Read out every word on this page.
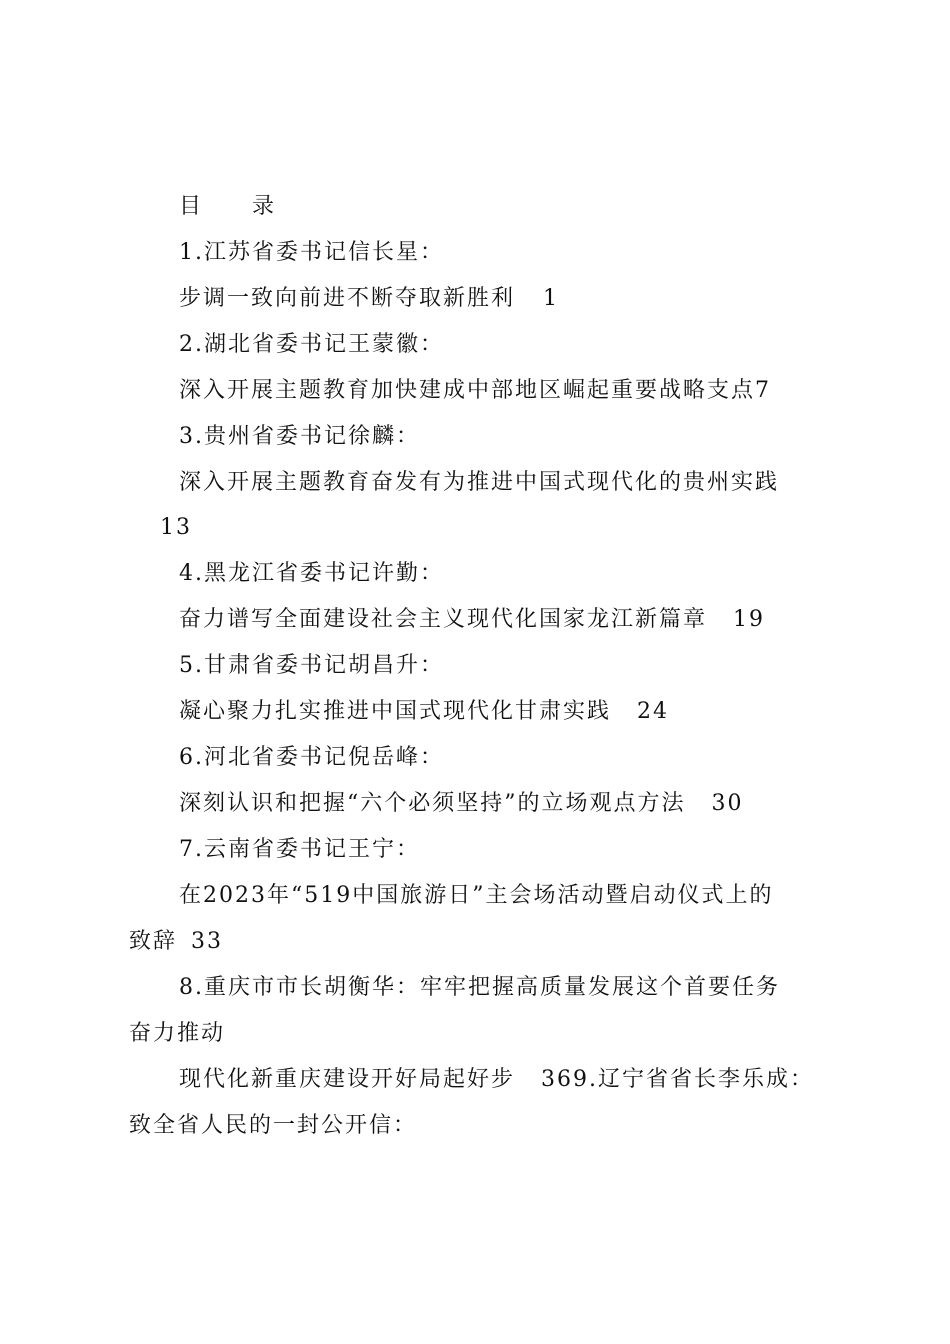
目 录
1.江苏省委书记信长星：
步调一致向前进不断夺取新胜利 1
2.湖北省委书记王蒙徽：
深入开展主题教育加快建成中部地区崛起重要战略支点7
3.贵州省委书记徐麟：
深入开展主题教育奋发有为推进中国式现代化的贵州实践
13
4.黑龙江省委书记许勤：
奋力谱写全面建设社会主义现代化国家龙江新篇章 19
5.甘肃省委书记胡昌升：
凝心聚力扎实推进中国式现代化甘肃实践 24
6.河北省委书记倪岳峰：
深刻认识和把握“六个必须坚持”的立场观点方法 30
7.云南省委书记王宁：
在2023年“519中国旅游日”主会场活动暨启动仪式上的
致辞 33
8.重庆市市长胡衡华：牢牢把握高质量发展这个首要任务
奋力推动
现代化新重庆建设开好局起好步 369.辽宁省省长李乐成：
致全省人民的一封公开信：
